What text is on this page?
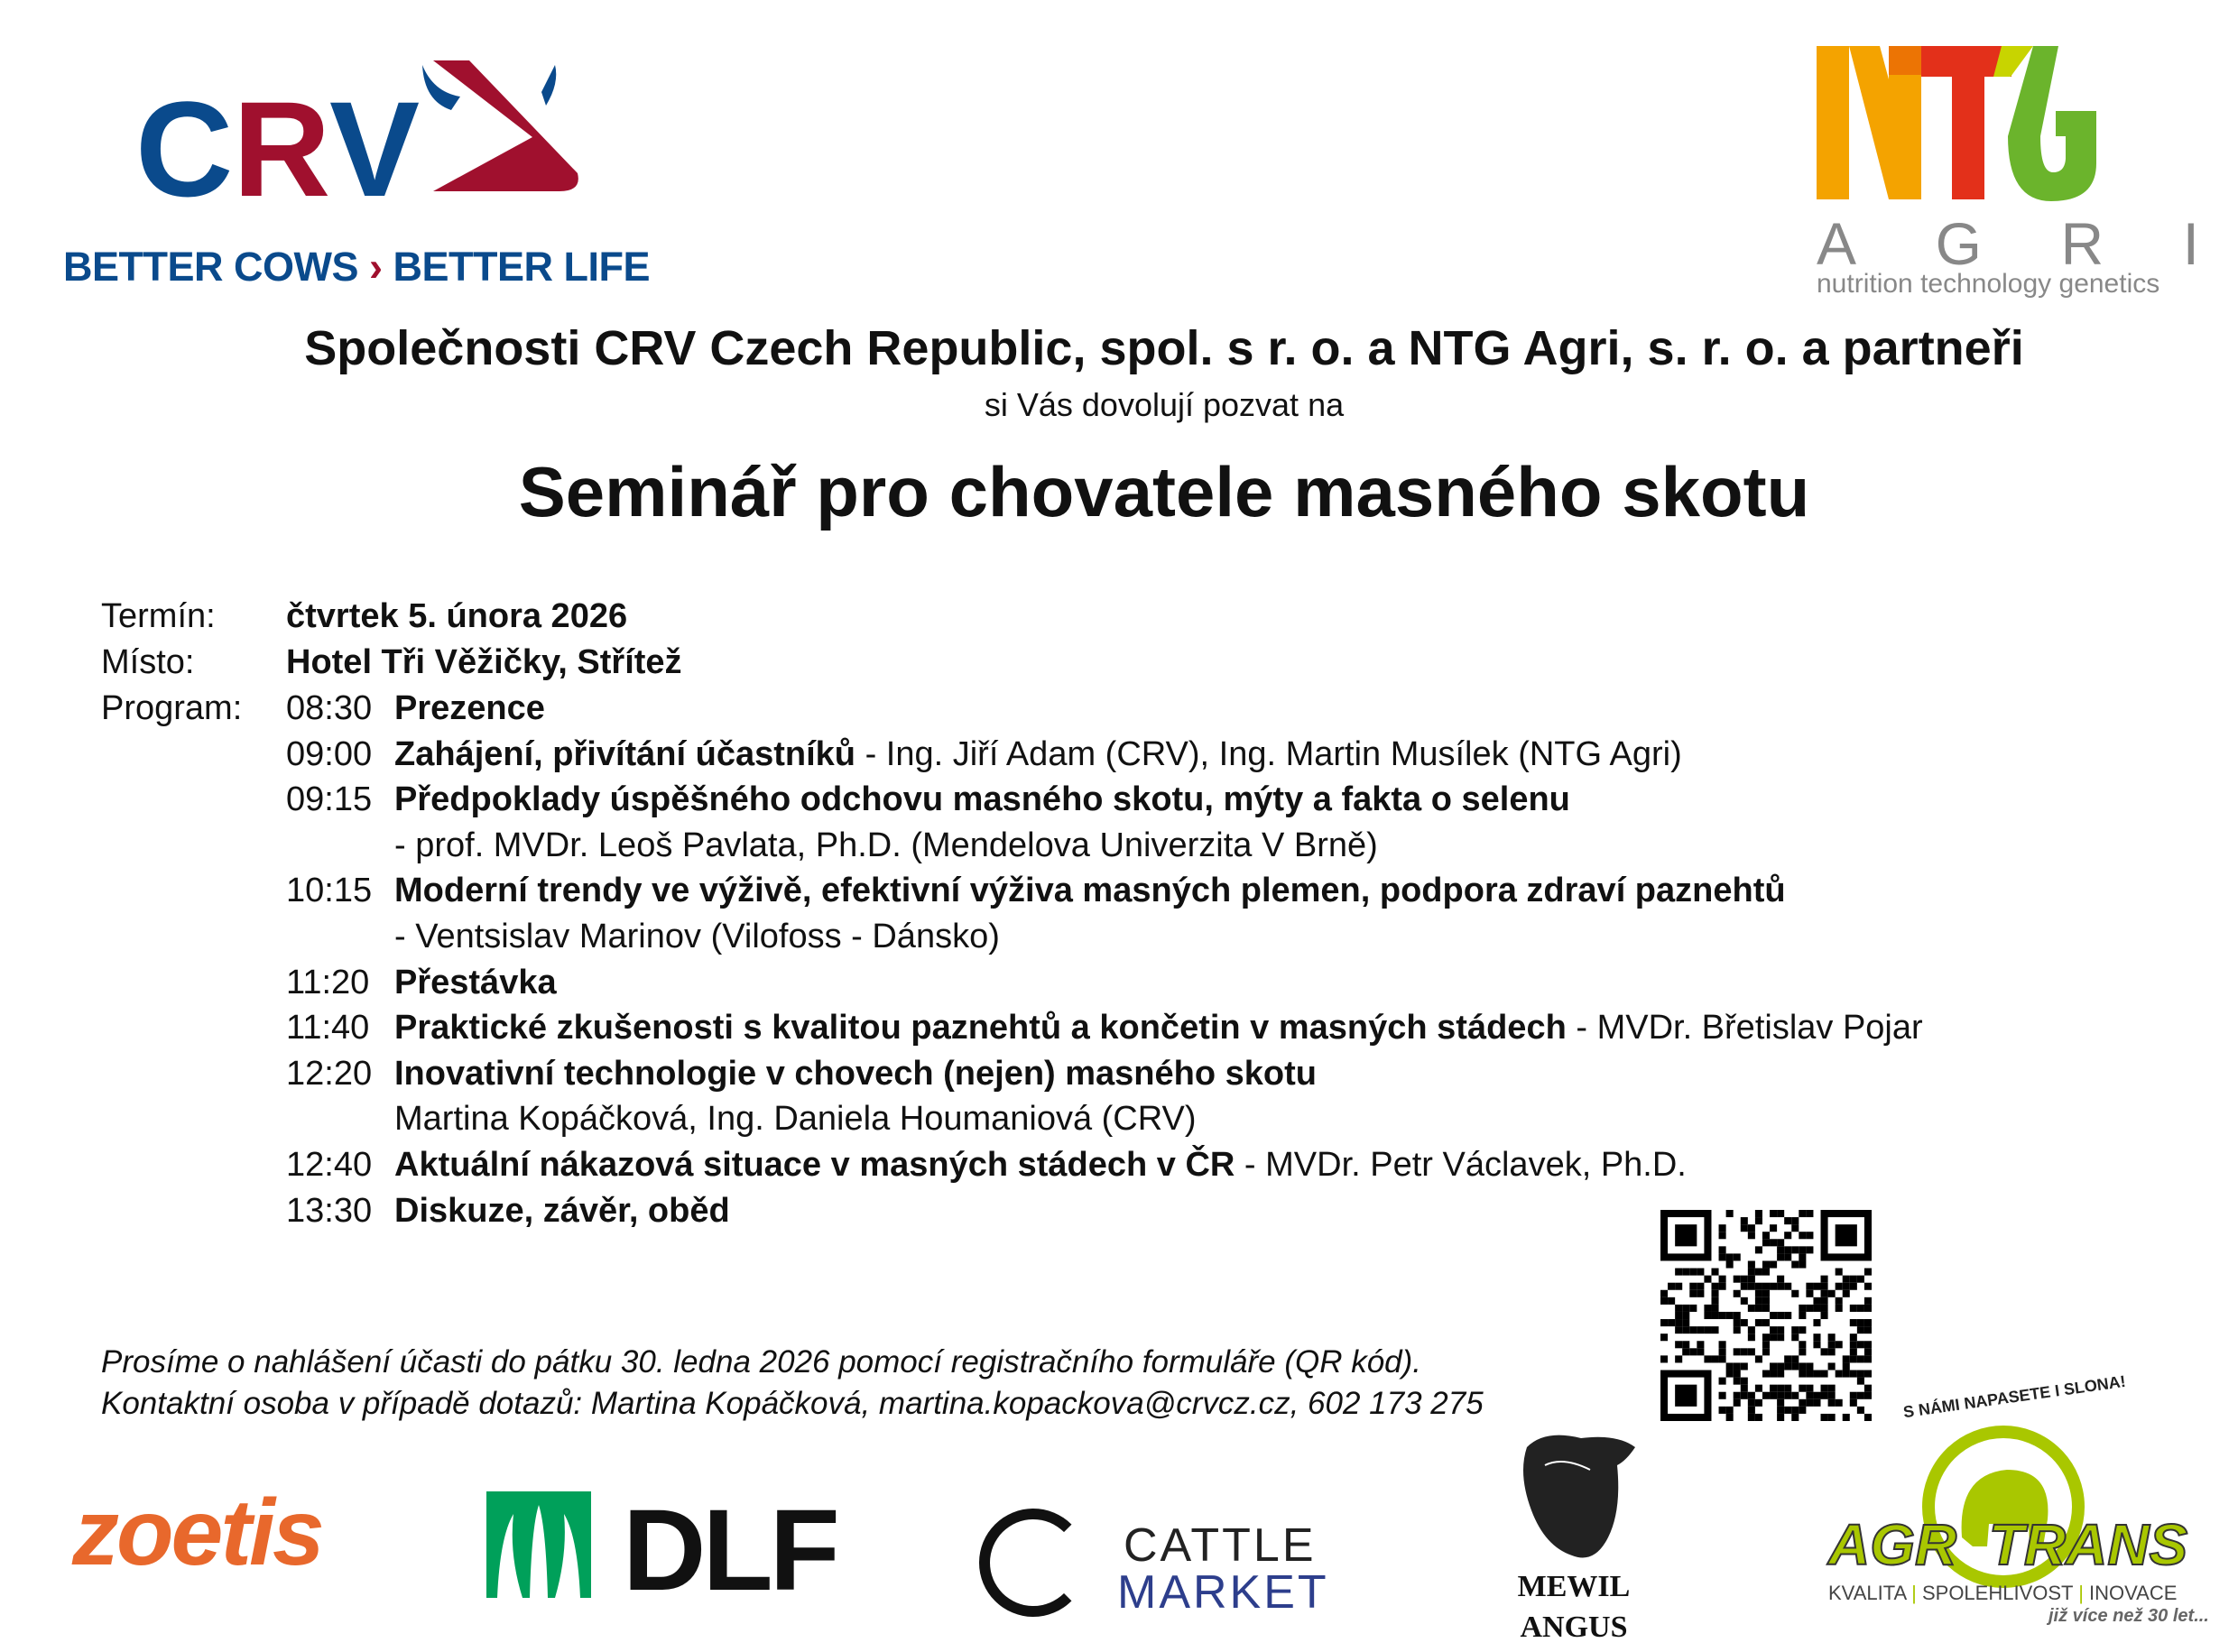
C R V
BETTER COWS › BETTER LIFE	A G R I
nutrition technology genetics
Společnosti CRV Czech Republic, spol. s r. o. a NTG Agri, s. r. o. a partneři
si Vás dovolují pozvat na
Seminář pro chovatele masného skotu
Termín: čtvrtek 5. února 2026
Místo:	Hotel Tři Věžičky, Střítež
Program: 08:30 Prezence
09:00 Zahájení, přivítání účastníků - Ing. Jiří Adam (CRV), Ing. Martin Musílek (NTG Agri)
09:15 Předpoklady úspěšného odchovu masného skotu, mýty a fakta o selenu
- prof. MVDr. Leoš Pavlata, Ph.D. (Mendelova Univerzita V Brně)
10:15 Moderní trendy ve výživě, efektivní výživa masných plemen, podpora zdraví paznehtů
- Ventsislav Marinov (Vilofoss - Dánsko)
11:20 Přestávka
11:40 Praktické zkušenosti s kvalitou paznehtů a končetin v masných stádech - MVDr. Břetislav Pojar
12:20 Inovativní technologie v chovech (nejen) masného skotu
Martina Kopáčková, Ing. Daniela Houmaniová (CRV)
12:40 Aktuální nákazová situace v masných stádech v ČR - MVDr. Petr Václavek, Ph.D.
13:30 Diskuze, závěr, oběd
Prosíme o nahlášení účasti do pátku 30. ledna 2026 pomocí registračního formuláře (QR kód).
Kontaktní osoba v případě dotazů: Martina Kopáčková, martina.kopackova@crvcz.cz, 602 173 275
zoetis	DLF	CATTLE
MARKET	MEWIL
ANGUS
S NÁMI NAPASETE I SLONA!
AGR  TRANS
KVALITA | SPOLEHLIVOST | INOVACE
již více než 30 let...
